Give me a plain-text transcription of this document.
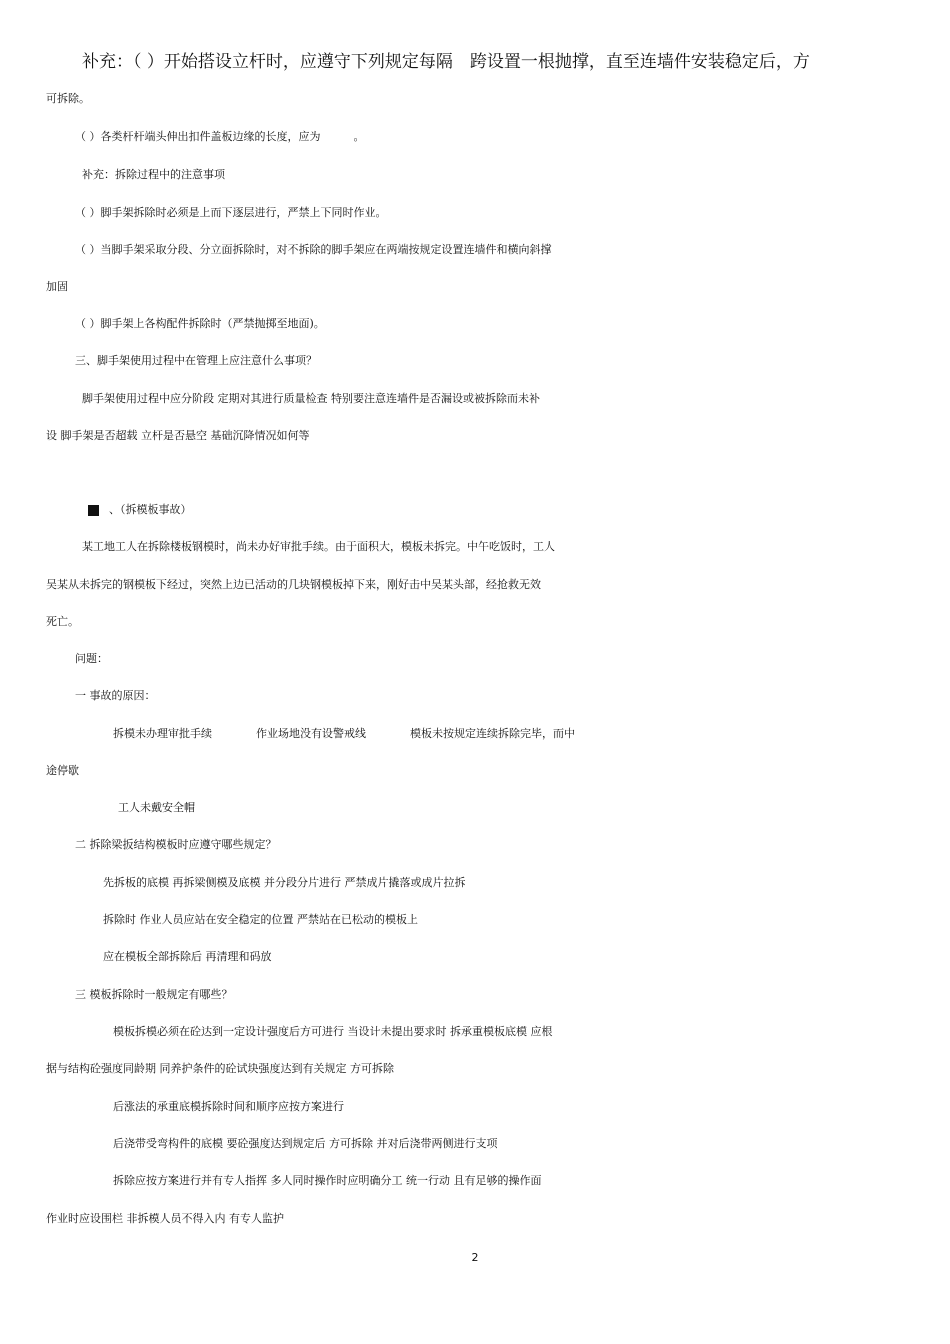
补充：（ ）开始搭设立杆时，应遵守下列规定每隔　跨设置一根抛撑，直至连墙件安装稳定后，方
可拆除。
（ ）各类杆杆端头伸出扣件盖板边缘的长度，应为　　　。
补充：拆除过程中的注意事项
（ ）脚手架拆除时必须是上而下逐层进行，严禁上下同时作业。
（ ）当脚手架采取分段、分立面拆除时，对不拆除的脚手架应在两端按规定设置连墙件和横向斜撑
加固
（ ）脚手架上各构配件拆除时（严禁抛掷至地面)。
三、脚手架使用过程中在管理上应注意什么事项？
脚手架使用过程中应分阶段 定期对其进行质量检查 特别要注意连墙件是否漏设或被拆除而未补
设 脚手架是否超载 立杆是否悬空 基础沉降情况如何等
、（拆模板事故）
某工地工人在拆除楼板钢模时，尚未办好审批手续。由于面积大，模板未拆完。中午吃饭时，工人
吴某从未拆完的钢模板下经过，突然上边已活动的几块钢模板掉下来，刚好击中吴某头部，经抢救无效
死亡。
问题：
一 事故的原因：
拆模未办理审批手续　　　　作业场地没有设警戒线　　　　模板未按规定连续拆除完毕，而中
途停歇
工人未戴安全帽
二 拆除梁扳结构模板时应遵守哪些规定？
先拆板的底模 再拆梁侧模及底模 并分段分片进行 严禁成片撬落或成片拉拆
拆除时 作业人员应站在安全稳定的位置 严禁站在已松动的模板上
应在模板全部拆除后 再清理和码放
三 模板拆除时一般规定有哪些？
模板拆模必须在砼达到一定设计强度后方可进行 当设计未提出要求时 拆承重模板底模 应根
据与结构砼强度同龄期 同养护条件的砼试块强度达到有关规定 方可拆除
后涨法的承重底模拆除时间和顺序应按方案进行
后浇带受弯构件的底模 要砼强度达到规定后 方可拆除 并对后浇带两侧进行支项
拆除应按方案进行并有专人指挥 多人同时操作时应明确分工 统一行动 且有足够的操作面
作业时应设围栏 非拆模人员不得入内 有专人监护
2
